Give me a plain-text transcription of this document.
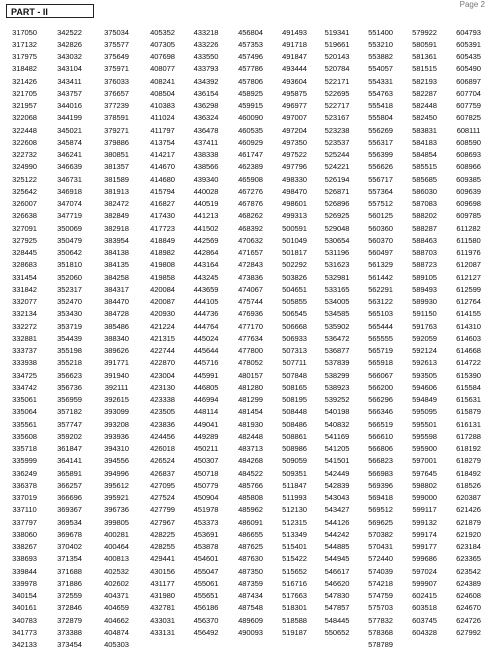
PART - II
Page 2
317050	342522	375034	405352	433218	456804	491493	519341	551400	579922	604793
317132	342826	375577	407305	433226	457353	491718	519661	553210	580591	605391
317975	343032	375649	407698	433550	457496	491847	520143	553882	581361	605435
318482	343104	375971	408077	433793	457786	493444	520784	554057	581515	605490
321426	343411	376033	408241	434392	457806	493604	522171	554331	582193	606897
321705	343757	376657	408504	436154	458925	495875	522695	554763	582287	607704
321957	344016	377239	410383	436298	459915	496977	522717	555418	582448	607759
322068	344199	378591	411024	436324	460090	497007	523167	555804	582450	607825
322448	345021	379271	411797	436478	460535	497204	523238	556269	583831	608111
322608	345874	379886	413754	437411	460929	497350	523537	556317	584183	608590
322732	346241	380851	414217	438338	461747	497522	525244	556399	584854	608693
324990	346639	381357	414670	438566	462389	497796	524221	556626	585515	608966
325122	346731	381589	414680	439340	465908	498330	526194	556717	585685	609385
325642	346918	381913	415794	440028	467276	498470	526871	557364	586030	609639
326007	347074	382472	416827	440519	467876	498601	526896	557512	587083	609698
326638	347719	382849	417430	441213	468262	499313	526925	560125	588202	609785
327091	350069	382918	417723	441502	468392	500591	529048	560360	588287	611282
327925	350479	383954	418849	442569	470632	501049	530654	560370	588463	611580
328445	350642	384138	418982	442864	471657	501817	531196	560497	588703	611976
328683	351810	384135	419808	443164	472843	502292	531623	561329	588723	612087
331454	352060	384258	419858	443245	473836	503826	532981	561442	589105	612127
331842	352317	384317	420084	443659	474067	504651	533165	562291	589493	612599
332077	352470	384470	420087	444105	475744	505855	534005	563122	589930	612764
332134	353430	384728	420930	444736	476936	506545	534585	565103	591150	614155
332272	353719	385486	421224	444764	477170	506668	535902	565444	591763	614310
332881	354439	388340	421315	445024	477634	506933	536472	565555	592059	614603
333737	355198	389626	422744	445644	477800	507313	536877	565719	592124	614668
333938	355218	391771	422870	445716	478052	507711	537839	565918	592613	614722
334725	356623	391940	423004	445991	480157	507848	538299	566067	593505	615390
334742	356736	392111	423130	446805	481280	508165	538923	566200	594606	615584
335061	356959	392615	423338	446994	481299	508195	539252	566296	594849	615631
335064	357182	393099	423505	448114	481454	508448	540198	566346	595095	615879
335561	357747	393208	423836	449041	481930	508486	540832	566519	595501	616131
335608	359202	393936	424456	449289	482448	508861	541169	566610	595598	617288
335718	361847	394310	426018	450211	483713	508986	541205	566806	595900	618192
335999	364141	394556	426524	450307	484268	509059	541501	566823	597001	618279
336249	365891	394996	426837	450718	484522	509351	542449	566983	597645	618492
336378	366257	395612	427095	450779	485766	511847	542839	569396	598802	618526
337019	366696	395921	427524	450904	485808	511993	543043	569418	599000	620387
337110	369367	396736	427799	451978	485962	512130	543427	569512	599117	621426
337797	369534	399805	427967	453373	486091	512315	544126	569625	599132	621879
338060	369678	400281	428225	453691	486655	513349	544242	570382	599174	621920
338267	370402	400464	428255	453878	487625	515401	544885	570431	599177	623184
338693	371354	400813	429441	454601	487630	515422	544945	572440	599686	623365
339844	371688	402532	430156	455047	487350	515652	546617	574039	597024	623542
339978	371886	402602	431177	455061	487359	516716	546620	574218	599907	624389
340154	372559	404371	431980	455651	487434	517663	547830	574759	602415	624608
340161	372846	404659	432781	456186	487548	518301	547857	575703	603518	624670
340783	372879	404662	433031	456370	489609	518588	548445	577832	603745	624726
341773	373388	404874	433131	456492	490093	519187	550652	578368	604328	627992
342133	373454	405303						578789		
